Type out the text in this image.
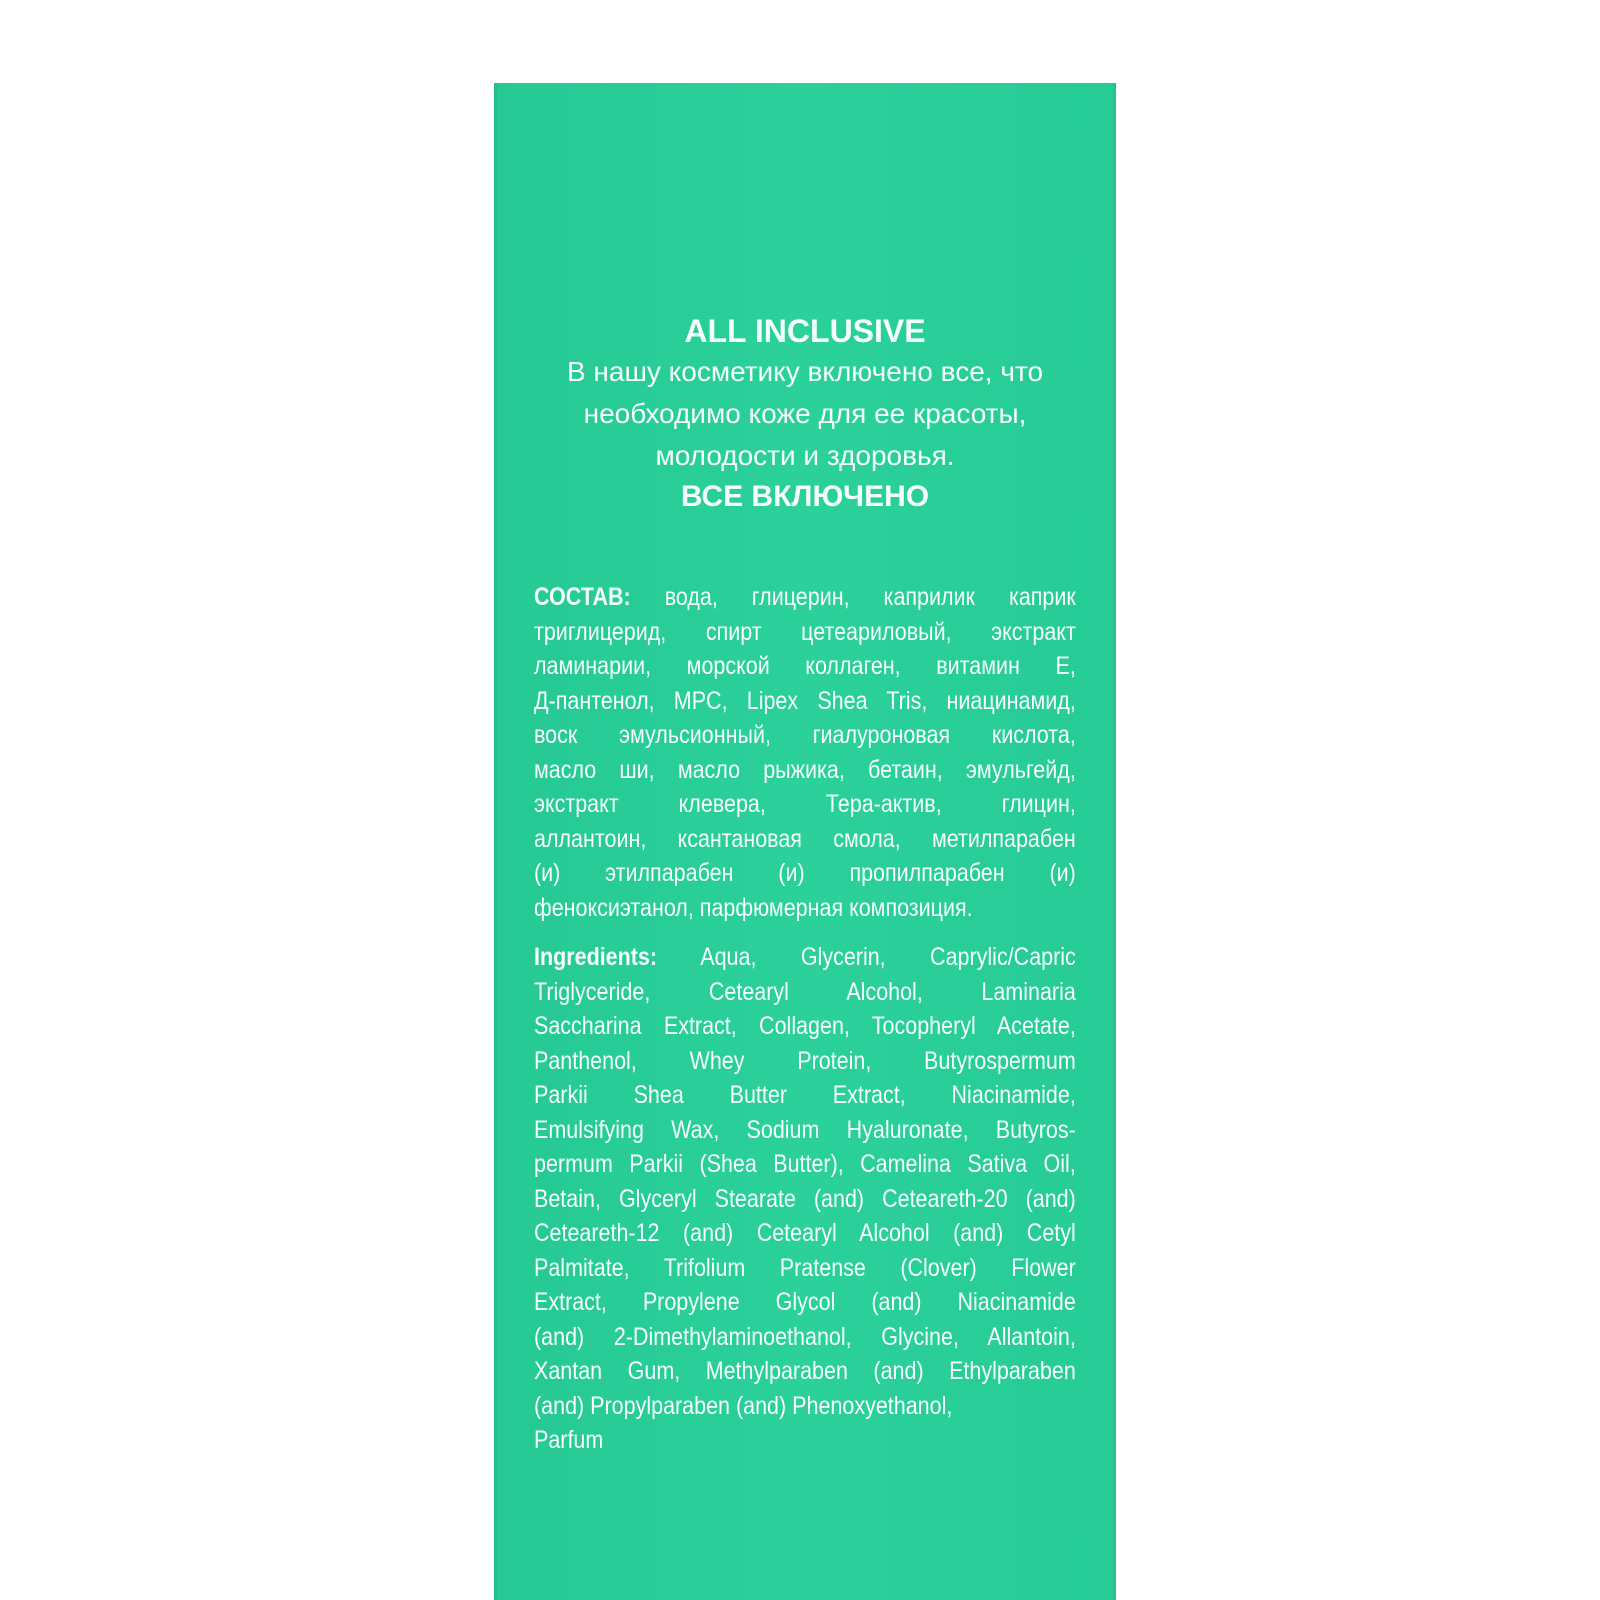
ALL INCLUSIVE
В нашу косметику включено все, что
необходимо коже для ее красоты,
молодости и здоровья.
ВСЕ ВКЛЮЧЕНО
СОСТАВ: вода, глицерин, каприлик каприк
триглицерид, спирт цетеариловый, экстракт
ламинарии, морской коллаген, витамин Е,
Д-пантенол, MPC, Lipex Shea Tris, ниацинамид,
воск эмульсионный, гиалуроновая кислота,
масло ши, масло рыжика, бетаин, эмульгейд,
экстракт клевера, Тера-актив, глицин,
аллантоин, ксантановая смола, метилпарабен
(и) этилпарабен (и) пропилпарабен (и)
феноксиэтанол, парфюмерная композиция.
Ingredients: Aqua, Glycerin, Caprylic/Capric
Triglyceride, Cetearyl Alcohol, Laminaria
Saccharina Extract, Collagen, Tocopheryl Acetate,
Panthenol, Whey Protein, Butyrospermum
Parkii Shea Butter Extract, Niacinamide,
Emulsifying Wax, Sodium Hyaluronate, Butyros-
permum Parkii (Shea Butter), Camelina Sativa Oil,
Betain, Glyceryl Stearate (and) Ceteareth-20 (and)
Ceteareth-12 (and) Cetearyl Alcohol (and) Cetyl
Palmitate, Trifolium Pratense (Clover) Flower
Extract, Propylene Glycol (and) Niacinamide
(and) 2-Dimethylaminoethanol, Glycine, Allantoin,
Xantan Gum, Methylparaben (and) Ethylparaben
(and) Propylparaben (and) Phenoxyethanol,
Parfum
